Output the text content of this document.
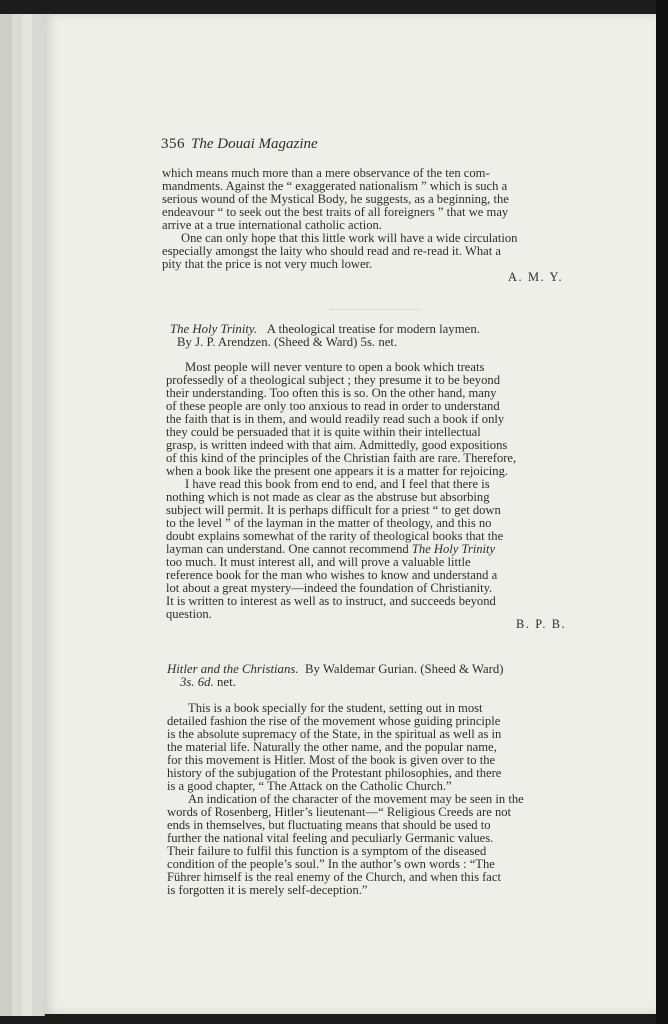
356 The Douai Magazine
which means much more than a mere observance of the ten com-
mandments. Against the “ exaggerated nationalism ” which is such a
serious wound of the Mystical Body, he suggests, as a beginning, the
endeavour “ to seek out the best traits of all foreigners ” that we may
arrive at a true international catholic action.
One can only hope that this little work will have a wide circulation
especially amongst the laity who should read and re-read it. What a
pity that the price is not very much lower.
A. M. Y.
The Holy Trinity. A theological treatise for modern laymen.
By J. P. Arendzen. (Sheed & Ward) 5s. net.
Most people will never venture to open a book which treats
professedly of a theological subject ; they presume it to be beyond
their understanding. Too often this is so. On the other hand, many
of these people are only too anxious to read in order to understand
the faith that is in them, and would readily read such a book if only
they could be persuaded that it is quite within their intellectual
grasp, is written indeed with that aim. Admittedly, good expositions
of this kind of the principles of the Christian faith are rare. Therefore,
when a book like the present one appears it is a matter for rejoicing.
I have read this book from end to end, and I feel that there is
nothing which is not made as clear as the abstruse but absorbing
subject will permit. It is perhaps difficult for a priest “ to get down
to the level ” of the layman in the matter of theology, and this no
doubt explains somewhat of the rarity of theological books that the
layman can understand. One cannot recommend The Holy Trinity
too much. It must interest all, and will prove a valuable little
reference book for the man who wishes to know and understand a
lot about a great mystery—indeed the foundation of Christianity.
It is written to interest as well as to instruct, and succeeds beyond
question.
B. P. B.
Hitler and the Christians. By Waldemar Gurian. (Sheed & Ward)
3s. 6d. net.
This is a book specially for the student, setting out in most
detailed fashion the rise of the movement whose guiding principle
is the absolute supremacy of the State, in the spiritual as well as in
the material life. Naturally the other name, and the popular name,
for this movement is Hitler. Most of the book is given over to the
history of the subjugation of the Protestant philosophies, and there
is a good chapter, “ The Attack on the Catholic Church.”
An indication of the character of the movement may be seen in the
words of Rosenberg, Hitler’s lieutenant—“ Religious Creeds are not
ends in themselves, but fluctuating means that should be used to
further the national vital feeling and peculiarly Germanic values.
Their failure to fulfil this function is a symptom of the diseased
condition of the people’s soul.” In the author’s own words : “The
Führer himself is the real enemy of the Church, and when this fact
is forgotten it is merely self-deception.”
